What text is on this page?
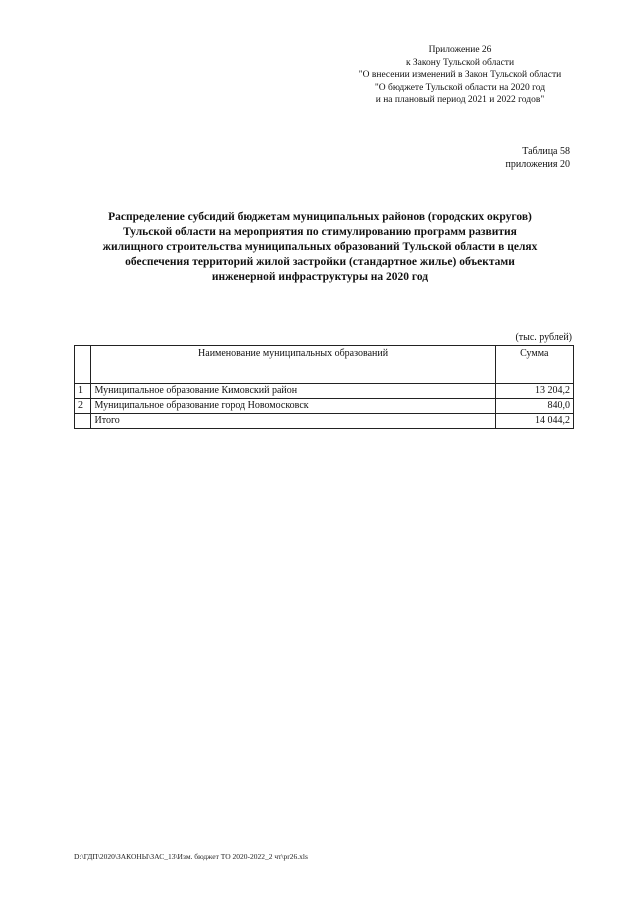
Приложение 26
к Закону Тульской области
"О внесении изменений в Закон Тульской области
"О бюджете Тульской области на 2020 год
и на плановый период 2021 и 2022 годов"
Таблица 58
приложения 20
Распределение субсидий бюджетам муниципальных районов (городских округов)
Тульской области на мероприятия по стимулированию программ развития
жилищного строительства муниципальных образований Тульской области в целях
обеспечения территорий жилой застройки (стандартное жилье) объектами
инженерной инфраструктуры на 2020 год
(тыс. рублей)
	Наименование муниципальных образований	Сумма
1	Муниципальное образование Кимовский район	13 204,2
2	Муниципальное образование город Новомосковск	840,0
	Итого	14 044,2
D:\ГДП\2020\ЗАКОНЫ\ЗАС_13\Изм. бюджет ТО 2020-2022_2 чт\pr26.xls
